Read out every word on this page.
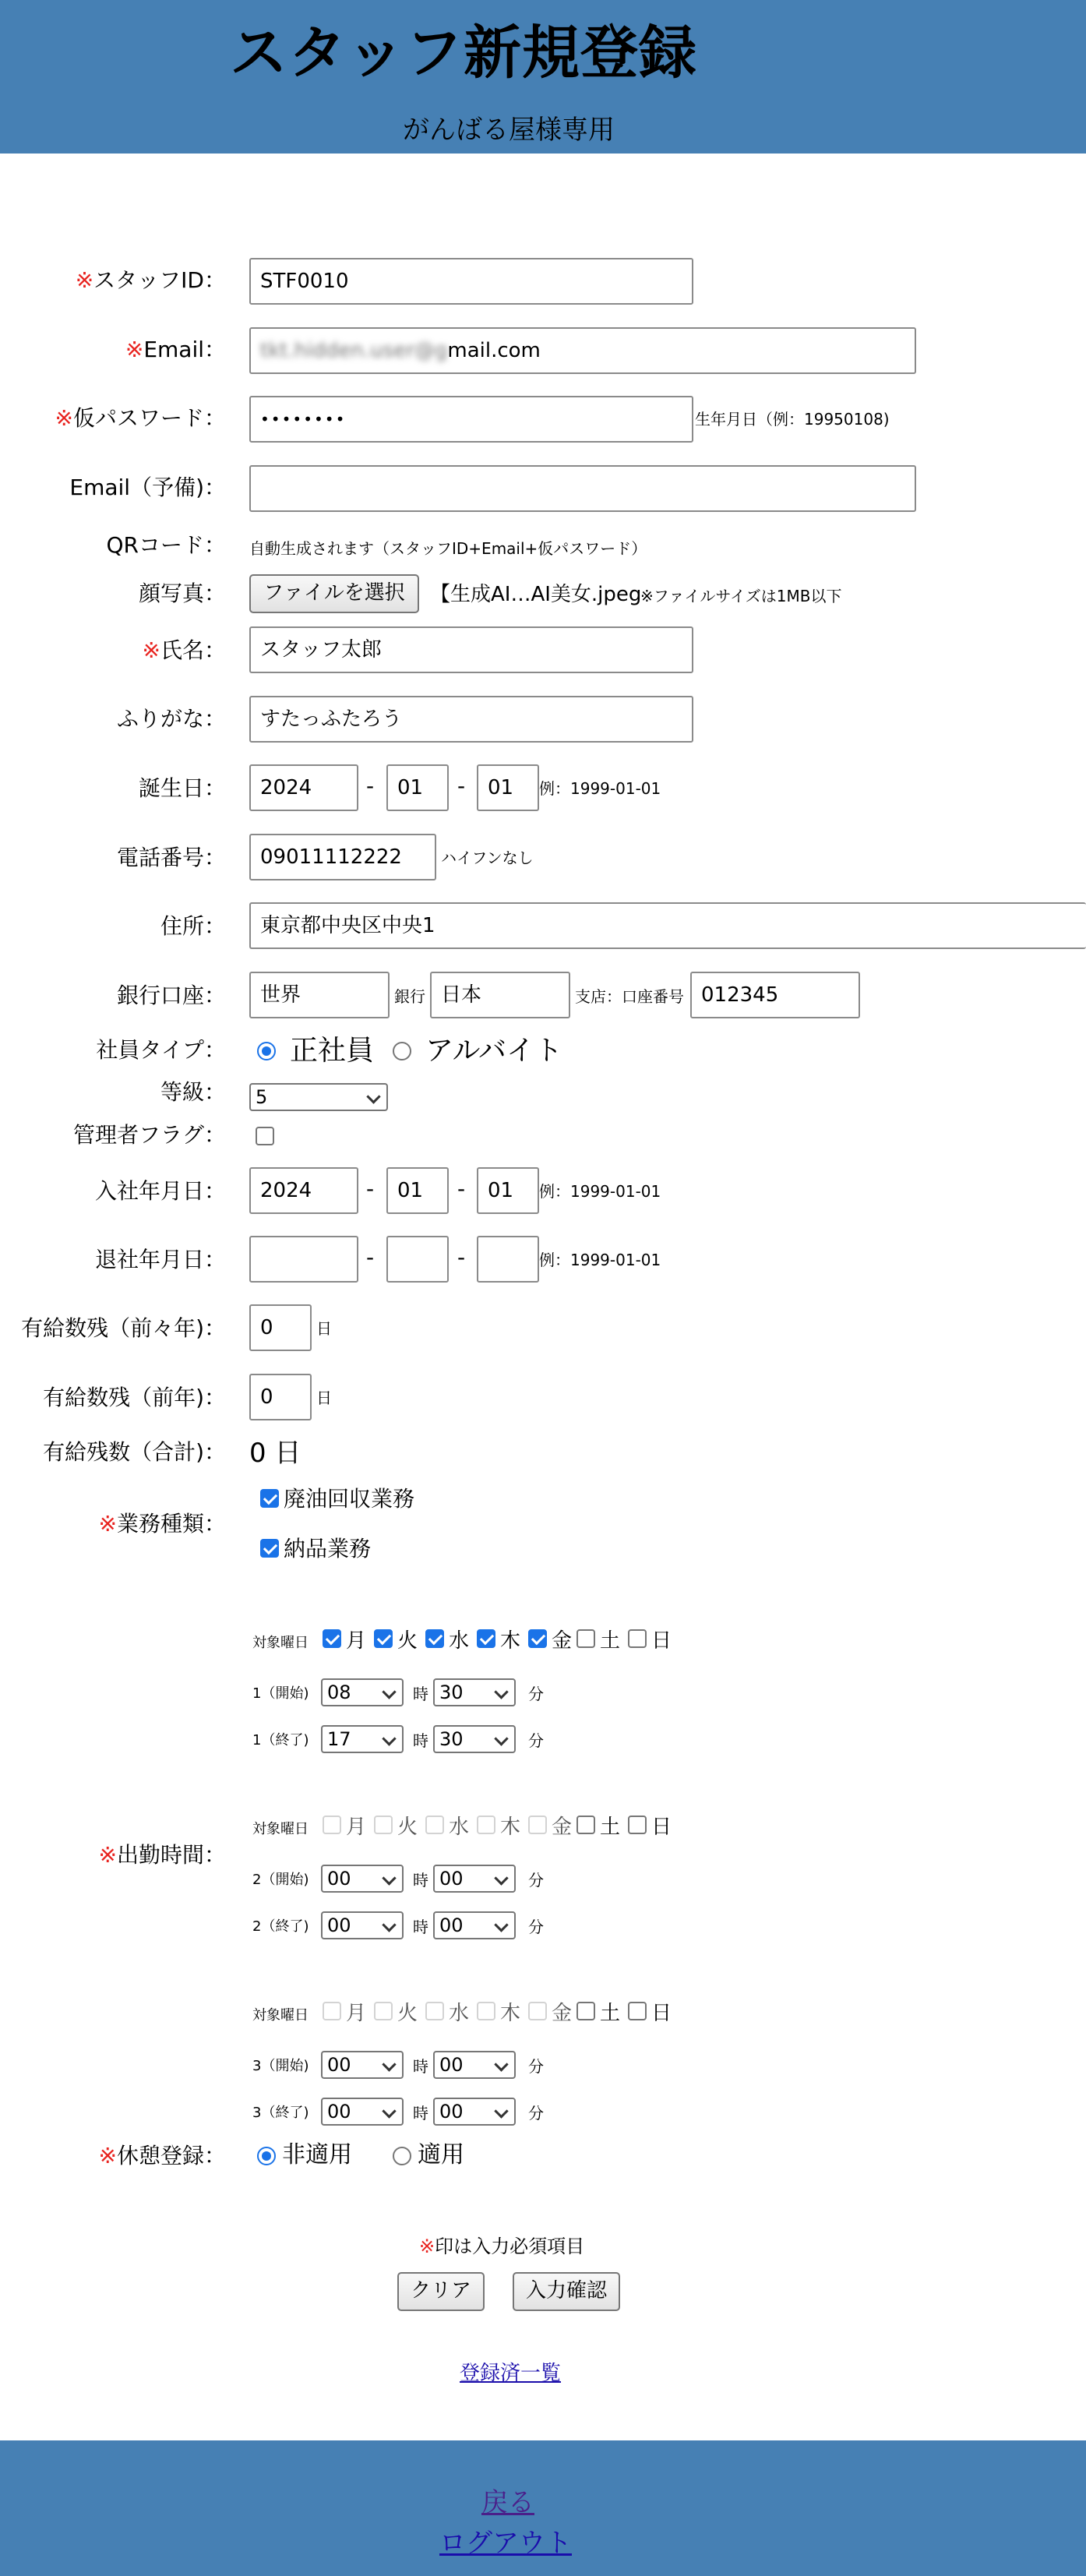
スタッフ新規登録
がんばる屋様専用
※スタッフID：	STF0010
※Email：	tkt.hidden.user@gmail.com
※仮パスワード：	••••••••	生年月日（例：19950108)
Email（予備)：
QRコード： 自動生成されます（スタッフID+Email+仮パスワード）
顔写真：	ファイルを選択	【生成AI…AI美女.jpeg
※ファイルサイズは1MB以下
※氏名：	スタッフ太郎
ふりがな：	すたっふたろう
誕生日：	2024	-	01	-	01	例：1999-01-01
電話番号：	09011112222	ハイフンなし
住所：	東京都中央区中央1
銀行口座：	世界	銀行 日本	支店：口座番号 012345
社員タイプ： 正社員 アルバイト
等級：	5
管理者フラグ：
入社年月日：	2024	-	01	-	01	例：1999-01-01
退社年月日：	-	-	例：1999-01-01
有給数残（前々年)：	0	日
有給数残（前年)：	0	日
有給残数（合計)： 0 日
※業務種類：
廃油回収業務
納品業務
※出勤時間：
対象曜日 月 火 水 木 金 土 日
1（開始) 08	時 30	分
1（終了) 17	時 30	分
対象曜日 月 火 水 木 金 土 日
2（開始) 00	時 00	分
2（終了) 00	時 00	分
対象曜日 月 火 水 木 金 土 日
3（開始) 00	時 00	分
3（終了) 00	時 00	分
※休憩登録： 非適用	適用
※印は入力必須項目
クリア	入力確認
登録済一覧
戻る
ログアウト
